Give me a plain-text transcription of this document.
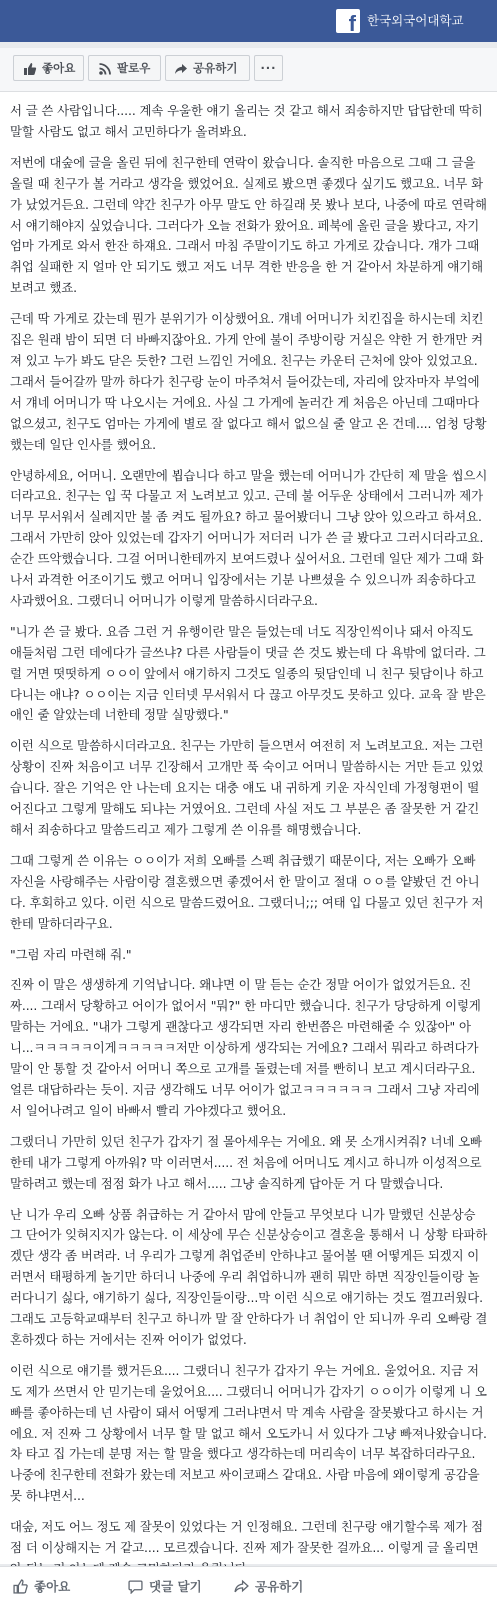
f 한국외국어대학교
좋아요	팔로우	공유하기	···

서 글 쓴 사람입니다..... 계속 우울한 얘기 올리는 것 같고 해서 죄송하지만 답답한데 딱히 말할 사람도 없고 해서 고민하다가 올려봐요.

저번에 대숲에 글을 올린 뒤에 친구한테 연락이 왔습니다. 솔직한 마음으로 그때 그 글을 올릴 때 친구가 볼 거라고 생각을 했었어요. 실제로 봤으면 좋겠다 싶기도 했고요. 너무 화가 났었거든요. 그런데 약간 친구가 아무 말도 안 하길래 못 봤나 보다, 나중에 따로 연락해서 얘기해야지 싶었습니다. 그러다가 오늘 전화가 왔어요. 페북에 올린 글을 봤다고, 자기 엄마 가게로 와서 한잔 하쟤요. 그래서 마침 주말이기도 하고 가게로 갔습니다. 걔가 그때 취업 실패한 지 얼마 안 되기도 했고 저도 너무 격한 반응을 한 거 같아서 차분하게 얘기해 보려고 했죠.

근데 딱 가게로 갔는데 뭔가 분위기가 이상했어요. 걔네 어머니가 치킨집을 하시는데 치킨집은 원래 밤이 되면 더 바빠지잖아요. 가게 안에 불이 주방이랑 거실은 약한 거 한개만 켜져 있고 누가 봐도 닫은 듯한? 그런 느낌인 거에요. 친구는 카운터 근처에 앉아 있었고요. 그래서 들어갈까 말까 하다가 친구랑 눈이 마주쳐서 들어갔는데, 자리에 앉자마자 부엌에서 걔네 어머니가 딱 나오시는 거에요. 사실 그 가게에 놀러간 게 처음은 아닌데 그때마다 없으셨고, 친구도 엄마는 가게에 별로 잘 없다고 해서 없으실 줄 알고 온 건데.... 엄청 당황했는데 일단 인사를 했어요.

안녕하세요, 어머니. 오랜만에 뵙습니다 하고 말을 했는데 어머니가 간단히 제 말을 씹으시더라고요. 친구는 입 꾹 다물고 저 노려보고 있고. 근데 불 어두운 상태에서 그러니까 제가 너무 무서워서 실례지만 불 좀 켜도 될까요? 하고 물어봤더니 그냥 앉아 있으라고 하셔요. 그래서 가만히 앉아 있었는데 갑자기 어머니가 저더러 니가 쓴 글 봤다고 그러시더라고요. 순간 뜨악했습니다. 그걸 어머니한테까지 보여드렸나 싶어서요. 그런데 일단 제가 그때 화나서 과격한 어조이기도 했고 어머니 입장에서는 기분 나쁘셨을 수 있으니까 죄송하다고 사과했어요. 그랬더니 어머니가 이렇게 말씀하시더라구요.

"니가 쓴 글 봤다. 요즘 그런 거 유행이란 말은 들었는데 너도 직장인씩이나 돼서 아직도 애들처럼 그런 데에다가 글쓰냐? 다른 사람들이 댓글 쓴 것도 봤는데 다 욕밖에 없더라. 그럴 거면 떳떳하게 ㅇㅇ이 앞에서 얘기하지 그것도 일종의 뒷담인데 니 친구 뒷담이나 하고 다니는 애냐? ㅇㅇ이는 지금 인터넷 무서워서 다 끊고 아무것도 못하고 있다. 교육 잘 받은 애인 줄 알았는데 너한테 정말 실망했다."

이런 식으로 말씀하시더라고요. 친구는 가만히 들으면서 여전히 저 노려보고요. 저는 그런 상황이 진짜 처음이고 너무 긴장해서 고개만 푹 숙이고 어머니 말씀하시는 거만 듣고 있었습니다. 잘은 기억은 안 나는데 요지는 대충 얘도 내 귀하게 키운 자식인데 가정형편이 떨어진다고 그렇게 말해도 되냐는 거였어요. 그런데 사실 저도 그 부분은 좀 잘못한 거 같긴 해서 죄송하다고 말씀드리고 제가 그렇게 쓴 이유를 해명했습니다.

그때 그렇게 쓴 이유는 ㅇㅇ이가 저희 오빠를 스펙 취급했기 때문이다, 저는 오빠가 오빠 자신을 사랑해주는 사람이랑 결혼했으면 좋겠어서 한 말이고 절대 ㅇㅇ를 얕봤던 건 아니다. 후회하고 있다. 이런 식으로 말씀드렸어요. 그랬더니;;; 여태 입 다물고 있던 친구가 저한테 말하더라구요.

"그럼 자리 마련해 줘."

진짜 이 말은 생생하게 기억납니다. 왜냐면 이 말 듣는 순간 정말 어이가 없었거든요. 진짜.... 그래서 당황하고 어이가 없어서 "뭐?" 한 마디만 했습니다. 친구가 당당하게 이렇게 말하는 거에요. "내가 그렇게 괜찮다고 생각되면 자리 한번쯤은 마련해줄 수 있잖아" 아니...ㅋㅋㅋㅋㅋ이게ㅋㅋㅋㅋㅋ저만 이상하게 생각되는 거에요? 그래서 뭐라고 하려다가 말이 안 통할 것 같아서 어머니 쪽으로 고개를 돌렸는데 저를 빤히니 보고 계시더라구요. 얼른 대답하라는 듯이. 지금 생각해도 너무 어이가 없고ㅋㅋㅋㅋㅋㅋ 그래서 그냥 자리에서 일어나려고 일이 바빠서 빨리 가야겠다고 했어요.

그랬더니 가만히 있던 친구가 갑자기 절 몰아세우는 거에요. 왜 못 소개시켜줘? 너네 오빠한테 내가 그렇게 아까워? 막 이러면서..... 전 처음에 어머니도 계시고 하니까 이성적으로 말하려고 했는데 점점 화가 나고 해서..... 그냥 솔직하게 답아둔 거 다 말했습니다.

난 니가 우리 오빠 상품 취급하는 거 같아서 맘에 안들고 무엇보다 니가 말했던 신분상승 그 단어가 잊혀지지가 않는다. 이 세상에 무슨 신분상승이고 결혼을 통해서 니 상황 타파하겠단 생각 좀 버려라. 너 우리가 그렇게 취업준비 안하냐고 물어볼 땐 어떻게든 되겠지 이러면서 태평하게 놀기만 하더니 나중에 우리 취업하니까 괜히 뭐만 하면 직장인들이랑 놀러다니기 싫다, 얘기하기 싫다, 직장인들이랑...막 이런 식으로 얘기하는 것도 껄끄러웠다. 그래도 고등학교때부터 친구고 하니까 말 잘 안하다가 너 취업이 안 되니까 우리 오빠랑 결혼하겠다 하는 거에서는 진짜 어이가 없었다.

이런 식으로 얘기를 했거든요.... 그랬더니 친구가 갑자기 우는 거에요. 울었어요. 지금 저도 제가 쓰면서 안 믿기는데 울었어요.... 그랬더니 어머니가 갑자기 ㅇㅇ이가 이렇게 니 오빠를 좋아하는데 넌 사람이 돼서 어떻게 그러냐면서 막 계속 사람을 잘못봤다고 하시는 거에요. 저 진짜 그 상황에서 너무 할 말 없고 해서 오도카니 서 있다가 그냥 빠져나왔습니다. 차 타고 집 가는데 분명 저는 할 말을 했다고 생각하는데 머리속이 너무 복잡하더라구요. 나중에 친구한테 전화가 왔는데 저보고 싸이코패스 같대요. 사람 마음에 왜이렇게 공감을 못 하냐면서...

대숲, 저도 어느 정도 제 잘못이 있었다는 거 인정해요. 그런데 친구랑 얘기할수록 제가 점점 더 이상해지는 거 같고.... 모르겠습니다. 진짜 제가 잘못한 걸까요... 이렇게 글 올리면

좋아요	댓글 달기	공유하기
